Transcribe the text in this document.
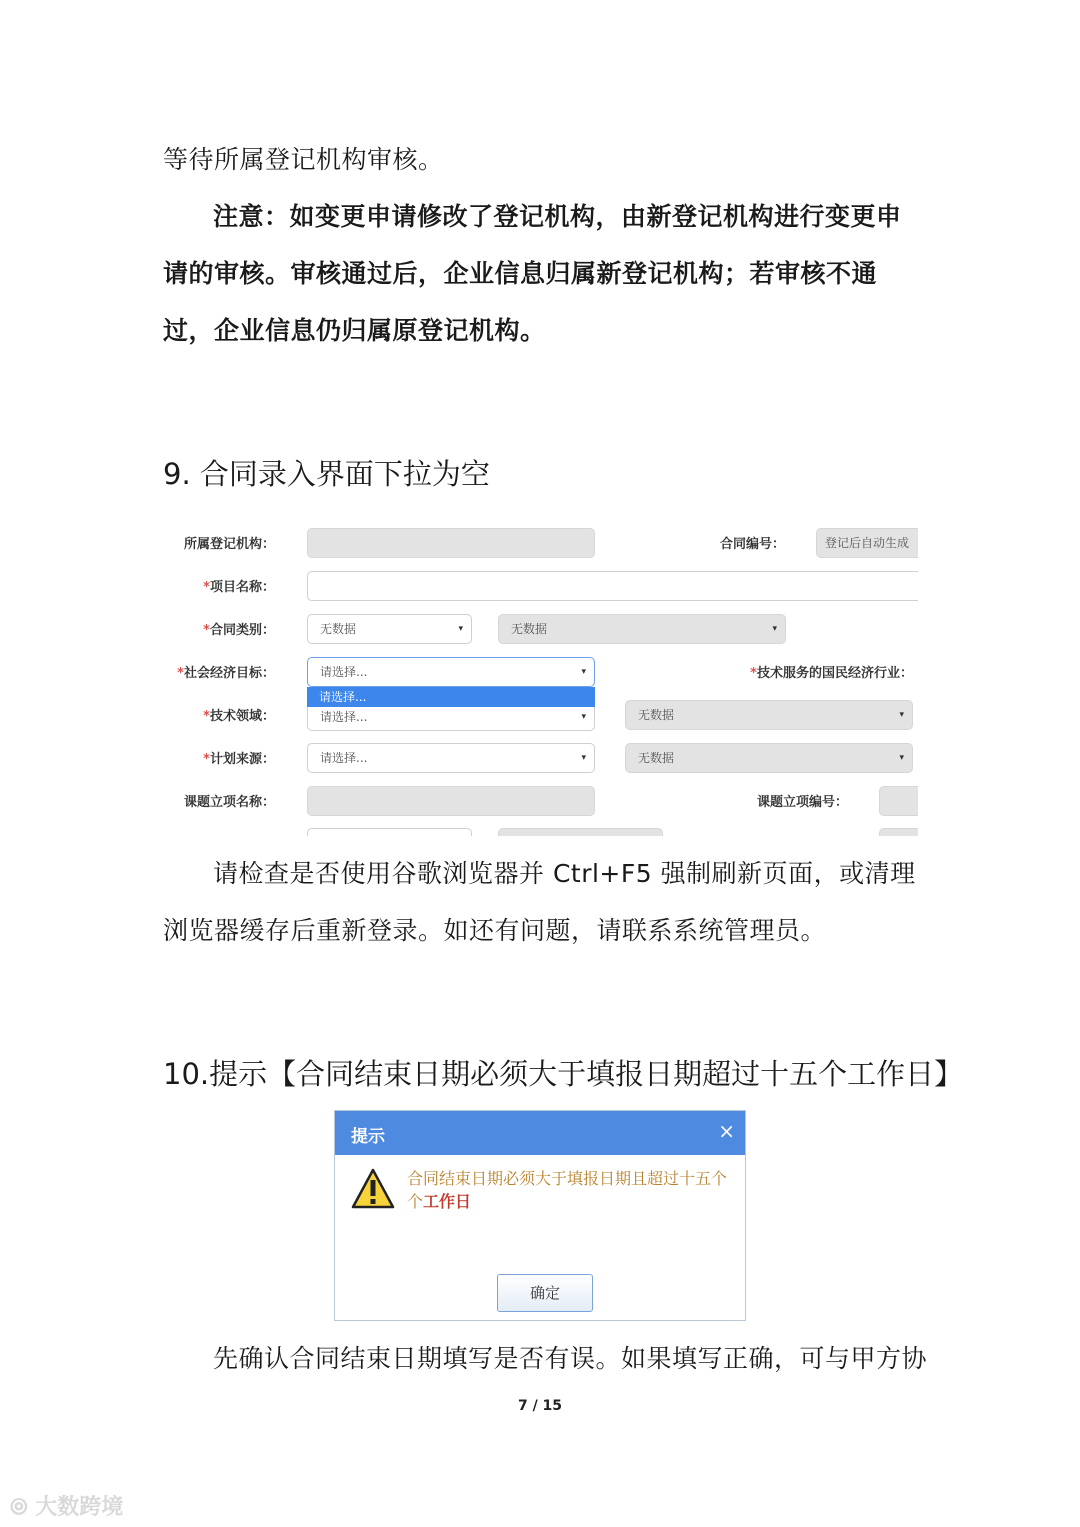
等待所属登记机构审核。
注意：如变更申请修改了登记机构，由新登记机构进行变更申请的审核。审核通过后，企业信息归属新登记机构；若审核不通过，企业信息仍归属原登记机构。
9. 合同录入界面下拉为空
所属登记机构：	合同编号：	登记后自动生成
*项目名称：
*合同类别：	无数据	▾	无数据	▾
*社会经济目标：	请选择...	▾	*技术服务的国民经济行业：
请选择...
*技术领域：	请选择...	▾	无数据	▾
*计划来源：	请选择...	▾	无数据	▾
课题立项名称：	课题立项编号：
请检查是否使用谷歌浏览器并 Ctrl+F5 强制刷新页面，或清理浏览器缓存后重新登录。如还有问题，请联系系统管理员。
10.提示【合同结束日期必须大于填报日期超过十五个工作日】
提示	×
合同结束日期必须大于填报日期且超过十五个个工作日
确定
先确认合同结束日期填写是否有误。如果填写正确，可与甲方协
7 / 15
⦾ 大数跨境
